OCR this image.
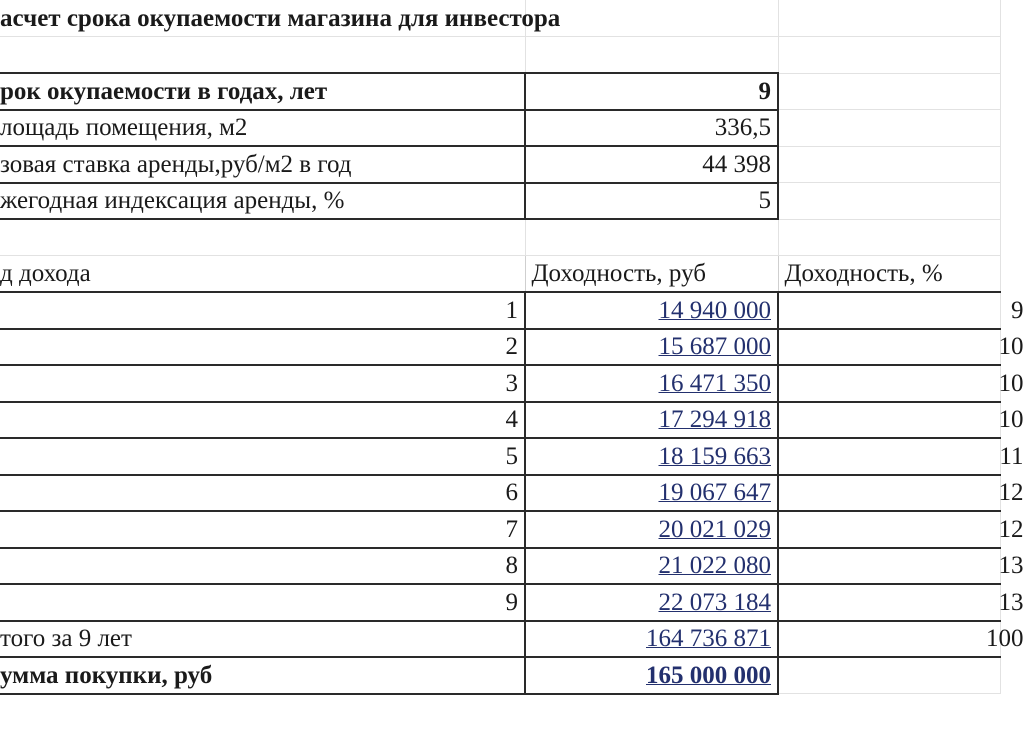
асчет срока окупаемости магазина для инвестора		

рок окупаемости в годах, лет	9	
лощадь помещения, м2	336,5	
зовая ставка аренды,руб/м2 в год	44 398	
жегодная индексация аренды, %	5	

д дохода	Доходность, руб	Доходность, %
1	14 940 000	9
2	15 687 000	10
3	16 471 350	10
4	17 294 918	10
5	18 159 663	11
6	19 067 647	12
7	20 021 029	12
8	21 022 080	13
9	22 073 184	13
того за 9 лет	164 736 871	100
умма покупки, руб	165 000 000	
